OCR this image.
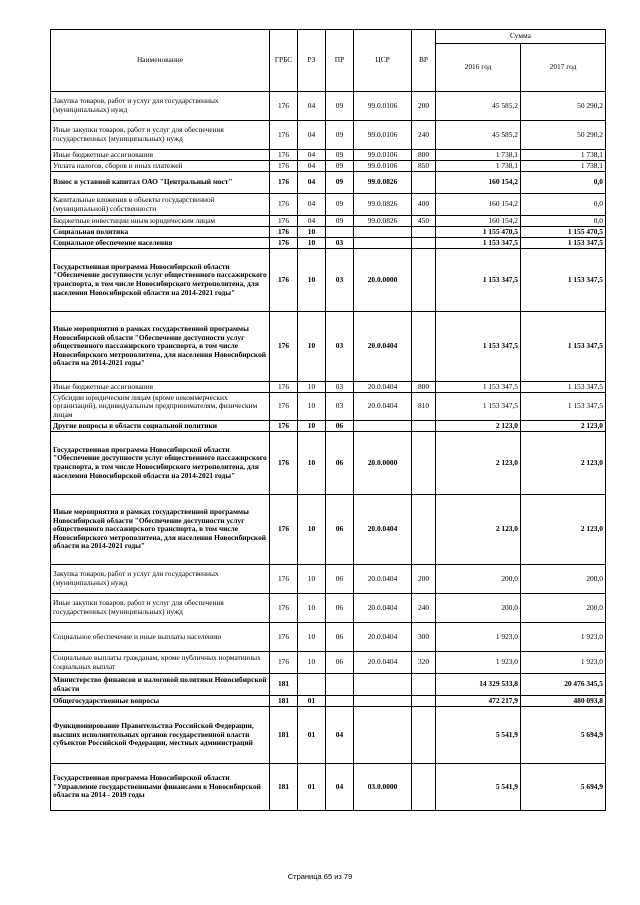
Наименование	ГРБС	РЗ	ПР	ЦСР	ВР	Сумма	
						2016 год	2017 год
Закупка товаров, работ и услуг для государственных (муниципальных) нужд	176	04	09	99.0.0106	200	45 585,2	50 290,2
Иные закупки товаров, работ и услуг для обеспечения государственных (муниципальных) нужд	176	04	09	99.0.0106	240	45 585,2	50 290,2
Иные бюджетные ассигнования	176	04	09	99.0.0106	800	1 738,1	1 738,1
Уплата налогов, сборов и иных платежей	176	04	09	99.0.0106	850	1 738,1	1 738,1
Взнос в уставной капитал ОАО "Центральный мост"	176	04	09	99.0.0826		160 154,2	0,0
Капитальные вложения в объекты государственной (муниципальной) собственности	176	04	09	99.0.0826	400	160 154,2	0,0
Бюджетные инвестиции иным юридическим лицам	176	04	09	99.0.0826	450	160 154,2	0,0
Социальная политика	176	10				1 155 470,5	1 155 470,5
Социальное обеспечение населения	176	10	03			1 153 347,5	1 153 347,5
Государственная программа Новосибирской области "Обеспечение доступности услуг общественного пассажирского транспорта, в том числе Новосибирского метрополитена, для населения Новосибирской области на 2014-2021 годы"	176	10	03	20.0.0000		1 153 347,5	1 153 347,5
Иные мероприятия в рамках государственной программы Новосибирской области "Обеспечение доступности услуг общественного пассажирского транспорта, в том числе Новосибирского метрополитена, для населения Новосибирской области на 2014-2021 годы"	176	10	03	20.0.0404		1 153 347,5	1 153 347,5
Иные бюджетные ассигнования	176	10	03	20.0.0404	800	1 153 347,5	1 153 347,5
Субсидии юридическим лицам (кроме некоммерческих организаций), индивидуальным предпринимателям, физическим лицам	176	10	03	20.0.0404	810	1 153 347,5	1 153 347,5
Другие вопросы в области социальной политики	176	10	06			2 123,0	2 123,0
Государственная программа Новосибирской области "Обеспечение доступности услуг общественного пассажирского транспорта, в том числе Новосибирского метрополитена, для населения Новосибирской области на 2014-2021 годы"	176	10	06	20.0.0000		2 123,0	2 123,0
Иные мероприятия в рамках государственной программы Новосибирской области "Обеспечение доступности услуг общественного пассажирского транспорта, в том числе Новосибирского метрополитена, для населения Новосибирской области на 2014-2021 годы"	176	10	06	20.0.0404		2 123,0	2 123,0
Закупка товаров, работ и услуг для государственных (муниципальных) нужд	176	10	06	20.0.0404	200	200,0	200,0
Иные закупки товаров, работ и услуг для обеспечения государственных (муниципальных) нужд	176	10	06	20.0.0404	240	200,0	200,0
Социальное обеспечение и иные выплаты населению	176	10	06	20.0.0404	300	1 923,0	1 923,0
Социальные выплаты гражданам, кроме публичных нормативных социальных выплат	176	10	06	20.0.0404	320	1 923,0	1 923,0
Министерство финансов и налоговой политики Новосибирской области	181					14 329 533,8	20 476 345,5
Общегосударственные вопросы	181	01				472 217,9	480 093,8
Функционирование Правительства Российской Федерации, высших исполнительных органов государственной власти субъектов Российской Федерации, местных администраций	181	01	04			5 541,9	5 694,9
Государственная программа Новосибирской области "Управление государственными финансами в Новосибирской области на 2014 - 2019 годы	181	01	04	03.0.0000		5 541,9	5 694,9
Страница 65 из 79
